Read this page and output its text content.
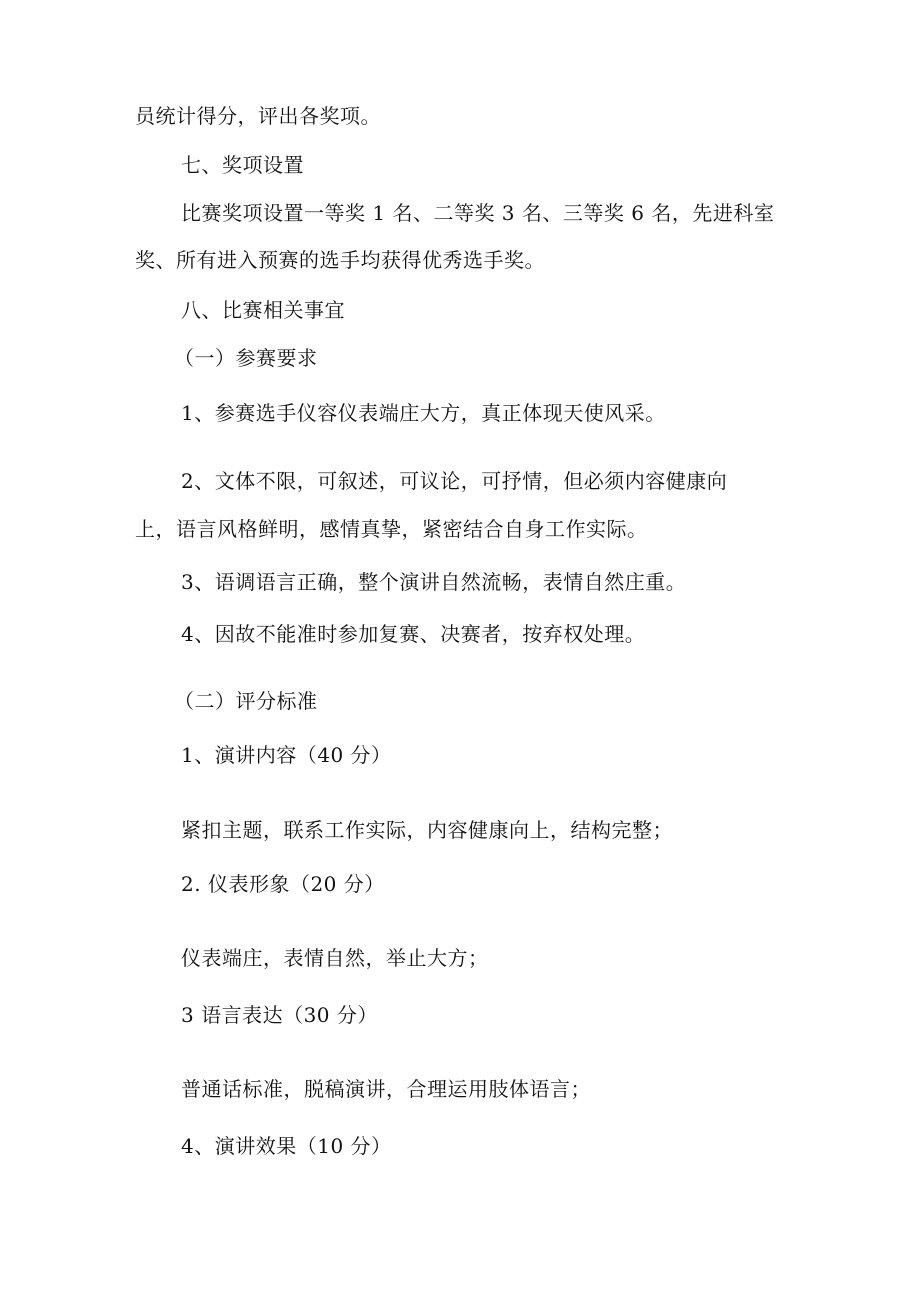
员统计得分，评出各奖项。

七、奖项设置

比赛奖项设置一等奖 1 名、二等奖 3 名、三等奖 6 名，先进科室

奖、所有进入预赛的选手均获得优秀选手奖。

八、比赛相关事宜

（一）参赛要求

1、参赛选手仪容仪表端庄大方，真正体现天使风采。

2、文体不限，可叙述，可议论，可抒情，但必须内容健康向

上，语言风格鲜明，感情真挚，紧密结合自身工作实际。

3、语调语言正确，整个演讲自然流畅，表情自然庄重。

4、因故不能准时参加复赛、决赛者，按弃权处理。

（二）评分标准

1、演讲内容（40 分）

紧扣主题，联系工作实际，内容健康向上，结构完整；

2. 仪表形象（20 分）

仪表端庄，表情自然，举止大方；

3 语言表达（30 分）

普通话标准，脱稿演讲，合理运用肢体语言；

4、演讲效果（10 分）
